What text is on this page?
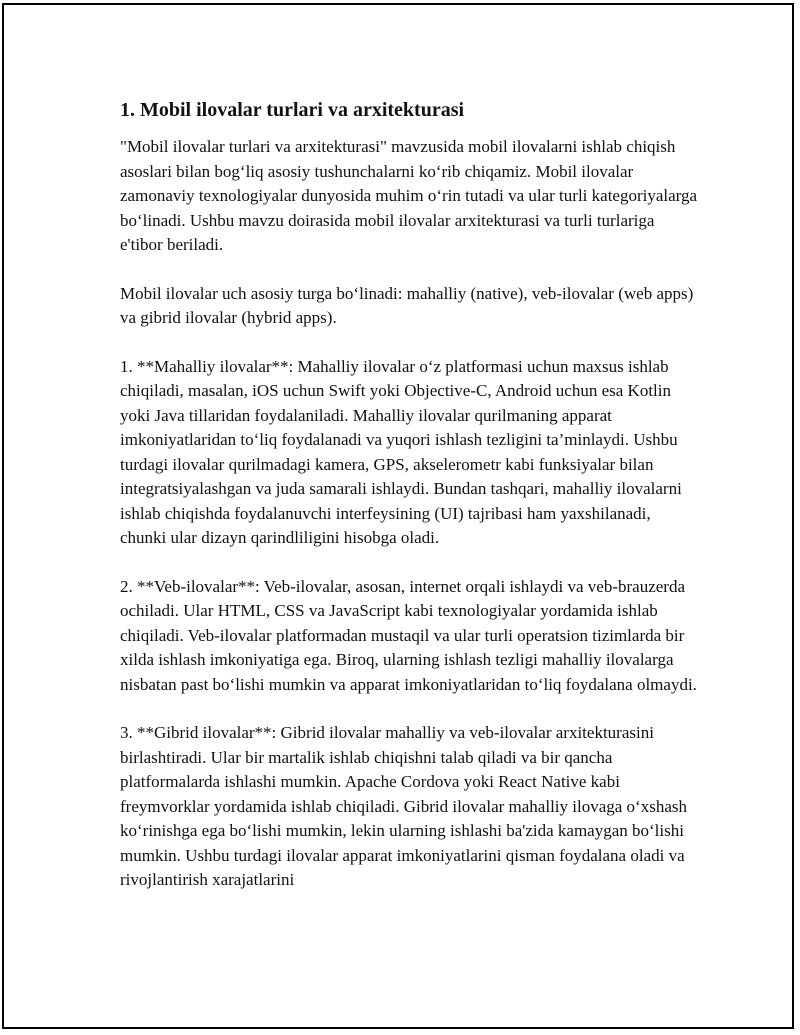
1. Mobil ilovalar turlari va arxitekturasi

"Mobil ilovalar turlari va arxitekturasi" mavzusida mobil ilovalarni ishlab chiqish asoslari bilan bog‘liq asosiy tushunchalarni ko‘rib chiqamiz. Mobil ilovalar zamonaviy texnologiyalar dunyosida muhim o‘rin tutadi va ular turli kategoriyalarga bo‘linadi. Ushbu mavzu doirasida mobil ilovalar arxitekturasi va turli turlariga e'tibor beriladi.

Mobil ilovalar uch asosiy turga bo‘linadi: mahalliy (native), veb-ilovalar (web apps) va gibrid ilovalar (hybrid apps).

1. **Mahalliy ilovalar**: Mahalliy ilovalar o‘z platformasi uchun maxsus ishlab chiqiladi, masalan, iOS uchun Swift yoki Objective-C, Android uchun esa Kotlin yoki Java tillaridan foydalaniladi. Mahalliy ilovalar qurilmaning apparat imkoniyatlaridan to‘liq foydalanadi va yuqori ishlash tezligini ta’minlaydi. Ushbu turdagi ilovalar qurilmadagi kamera, GPS, akselerometr kabi funksiyalar bilan integratsiyalashgan va juda samarali ishlaydi. Bundan tashqari, mahalliy ilovalarni ishlab chiqishda foydalanuvchi interfeysining (UI) tajribasi ham yaxshilanadi, chunki ular dizayn qarindliligini hisobga oladi.

2. **Veb-ilovalar**: Veb-ilovalar, asosan, internet orqali ishlaydi va veb-brauzerda ochiladi. Ular HTML, CSS va JavaScript kabi texnologiyalar yordamida ishlab chiqiladi. Veb-ilovalar platformadan mustaqil va ular turli operatsion tizimlarda bir xilda ishlash imkoniyatiga ega. Biroq, ularning ishlash tezligi mahalliy ilovalarga nisbatan past bo‘lishi mumkin va apparat imkoniyatlaridan to‘liq foydalana olmaydi.

3. **Gibrid ilovalar**: Gibrid ilovalar mahalliy va veb-ilovalar arxitekturasini birlashtiradi. Ular bir martalik ishlab chiqishni talab qiladi va bir qancha platformalarda ishlashi mumkin. Apache Cordova yoki React Native kabi freymvorklar yordamida ishlab chiqiladi. Gibrid ilovalar mahalliy ilovaga o‘xshash ko‘rinishga ega bo‘lishi mumkin, lekin ularning ishlashi ba'zida kamaygan bo‘lishi mumkin. Ushbu turdagi ilovalar apparat imkoniyatlarini qisman foydalana oladi va rivojlantirish xarajatlarini
